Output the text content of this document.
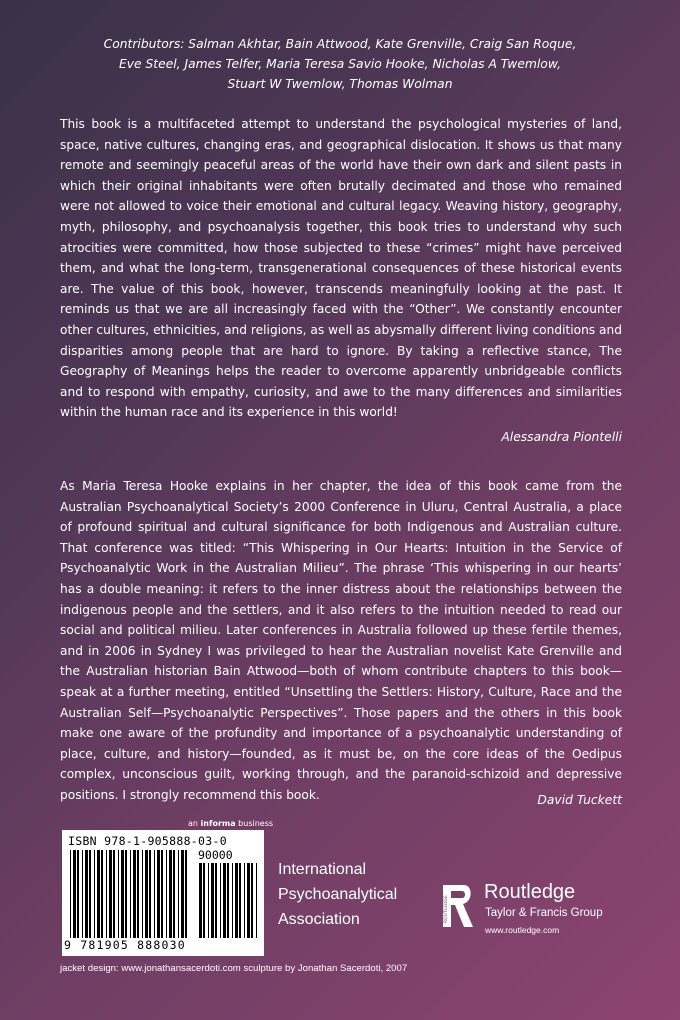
Contributors: Salman Akhtar, Bain Attwood, Kate Grenville, Craig San Roque,
Eve Steel, James Telfer, Maria Teresa Savio Hooke, Nicholas A Twemlow,
Stuart W Twemlow, Thomas Wolman

This book is a multifaceted attempt to understand the psychological mysteries of land, space, native cultures, changing eras, and geographical dislocation. It shows us that many remote and seemingly peaceful areas of the world have their own dark and silent pasts in which their original inhabitants were often brutally decimated and those who remained were not allowed to voice their emotional and cultural legacy. Weaving history, geography, myth, philosophy, and psychoanalysis together, this book tries to understand why such atrocities were committed, how those subjected to these “crimes” might have perceived them, and what the long-term, transgenerational consequences of these historical events are. The value of this book, however, transcends meaningfully looking at the past. It reminds us that we are all increasingly faced with the “Other”. We constantly encounter other cultures, ethnicities, and religions, as well as abysmally different living conditions and disparities among people that are hard to ignore. By taking a reflective stance, The Geography of Meanings helps the reader to overcome apparently unbridgeable conflicts and to respond with empathy, curiosity, and awe to the many differences and similarities within the human race and its experience in this world!

Alessandra Piontelli

As Maria Teresa Hooke explains in her chapter, the idea of this book came from the Australian Psychoanalytical Society’s 2000 Conference in Uluru, Central Australia, a place of profound spiritual and cultural significance for both Indigenous and Australian culture. That conference was titled: “This Whispering in Our Hearts: Intuition in the Service of Psychoanalytic Work in the Australian Milieu”. The phrase ‘This whispering in our hearts’ has a double meaning: it refers to the inner distress about the relationships between the indigenous people and the settlers, and it also refers to the intuition needed to read our social and political milieu. Later conferences in Australia followed up these fertile themes, and in 2006 in Sydney I was privileged to hear the Australian novelist Kate Grenville and the Australian historian Bain Attwood—both of whom contribute chapters to this book—speak at a further meeting, entitled “Unsettling the Settlers: History, Culture, Race and the Australian Self—Psychoanalytic Perspectives”. Those papers and the others in this book make one aware of the profundity and importance of a psychoanalytic understanding of place, culture, and history—founded, as it must be, on the core ideas of the Oedipus complex, unconscious guilt, working through, and the paranoid-schizoid and depressive positions. I strongly recommend this book.	David Tuckett
an informa business
ISBN 978-1-905888-03-0
90000
9 781905 888030
International
Psychoanalytical
Association	ROUTLEDGE
Routledge
Taylor & Francis Group
www.routledge.com
jacket design: www.jonathansacerdoti.com sculpture by Jonathan Sacerdoti, 2007
